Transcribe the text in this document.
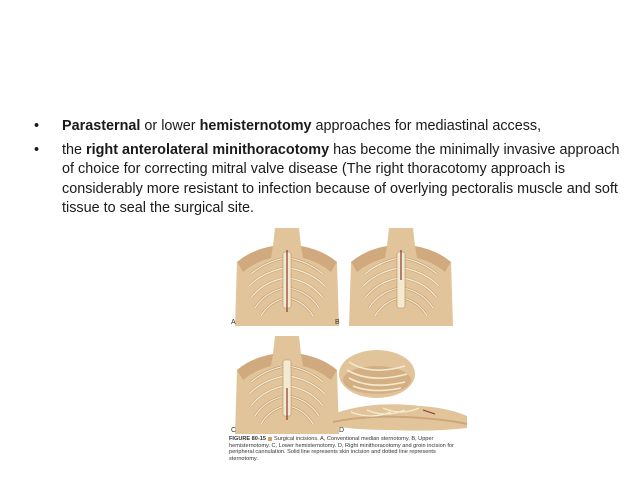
• Parasternal or lower hemisternotomy approaches for mediastinal access,
• the right anterolateral minithoracotomy has become the minimally invasive approach of choice for correcting mitral valve disease (The right thoracotomy approach is considerably more resistant to infection because of overlying pectoralis muscle and soft tissue to seal the surgical site.
A	B
C	D
FIGURE 80-15 Surgical incisions. A, Conventional median sternotomy. B, Upper hemisternotomy. C, Lower hemisternotomy. D, Right minithoracotomy and groin incision for peripheral cannulation. Solid line represents skin incision and dotted line represents sternotomy.
